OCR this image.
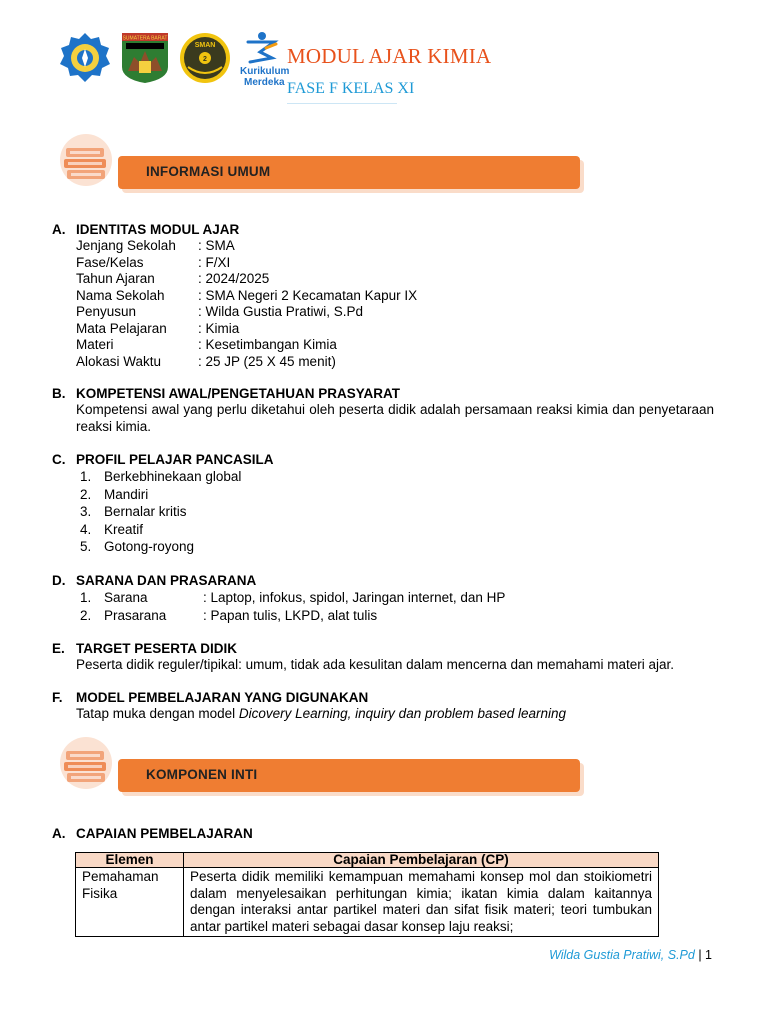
SUMATERA BARAT
SMAN
2
Kurikulum
Merdeka
MODUL AJAR KIMIA
FASE F KELAS XI
INFORMASI UMUM
A. IDENTITAS MODUL AJAR
Jenjang Sekolah	: SMA
Fase/Kelas	: F/XI
Tahun Ajaran	: 2024/2025
Nama Sekolah	: SMA Negeri 2 Kecamatan Kapur IX
Penyusun	: Wilda Gustia Pratiwi, S.Pd
Mata Pelajaran	: Kimia
Materi	: Kesetimbangan Kimia
Alokasi Waktu	: 25 JP (25 X 45 menit)
B. KOMPETENSI AWAL/PENGETAHUAN PRASYARAT
Kompetensi awal yang perlu diketahui oleh peserta didik adalah persamaan reaksi kimia dan penyetaraan reaksi kimia.
C. PROFIL PELAJAR PANCASILA
1. Berkebhinekaan global
2. Mandiri
3. Bernalar kritis
4. Kreatif
5. Gotong-royong
D. SARANA DAN PRASARANA
1. Sarana	: Laptop, infokus, spidol, Jaringan internet, dan HP
2. Prasarana	: Papan tulis, LKPD, alat tulis
E. TARGET PESERTA DIDIK
Peserta didik reguler/tipikal: umum, tidak ada kesulitan dalam mencerna dan memahami materi ajar.
F. MODEL PEMBELAJARAN YANG DIGUNAKAN
Tatap muka dengan model Dicovery Learning, inquiry dan problem based learning
KOMPONEN INTI
A. CAPAIAN PEMBELAJARAN
Elemen	Capaian Pembelajaran (CP)
Pemahaman Fisika	Peserta didik memiliki kemampuan memahami konsep mol dan stoikiometri dalam menyelesaikan perhitungan kimia; ikatan kimia dalam kaitannya dengan interaksi antar partikel materi dan sifat fisik materi; teori tumbukan antar partikel materi sebagai dasar konsep laju reaksi;
Wilda Gustia Pratiwi, S.Pd | 1
